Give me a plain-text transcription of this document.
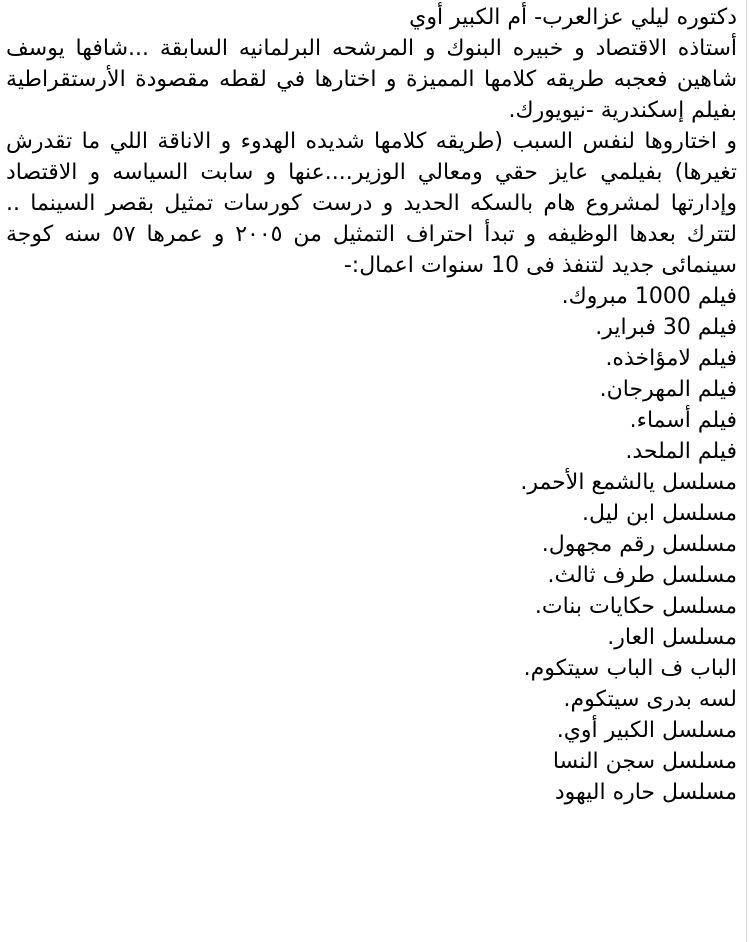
دكتوره ليلي عزالعرب- أم الكبير أوي

أستاذه الاقتصاد و خبيره البنوك و المرشحه البرلمانيه السابقة ...شافها يوسف شاهين فعجبه طريقه كلامها المميزة و اختارها في لقطه مقصودة الأرستقراطية بفيلم إسكندرية -نيويورك.

و اختاروها لنفس السبب (طريقه كلامها شديده الهدوء و الاناقة اللي ما تقدرش تغيرها) بفيلمي عايز حقي ومعالي الوزير....عنها و سابت السياسه و الاقتصاد وإدارتها لمشروع هام بالسكه الحديد و درست كورسات تمثيل بقصر السينما .. لتترك بعدها الوظيفه و تبدأ احتراف التمثيل من ٢٠٠٥ و عمرها ٥٧ سنه كوجة سينمائى جديد لتنفذ فى 10 سنوات اعمال:-

فيلم 1000 مبروك.
فيلم 30 فبراير.
فيلم لامؤاخذه.
فيلم المهرجان.
فيلم أسماء.
فيلم الملحد.
مسلسل يالشمع الأحمر.
مسلسل ابن ليل.
مسلسل رقم مجهول.
مسلسل طرف ثالث.
مسلسل حكايات بنات.
مسلسل العار.
الباب ف الباب سيتكوم.
لسه بدرى سيتكوم.
مسلسل الكبير أوي.
مسلسل سجن النسا
مسلسل حاره اليهود
